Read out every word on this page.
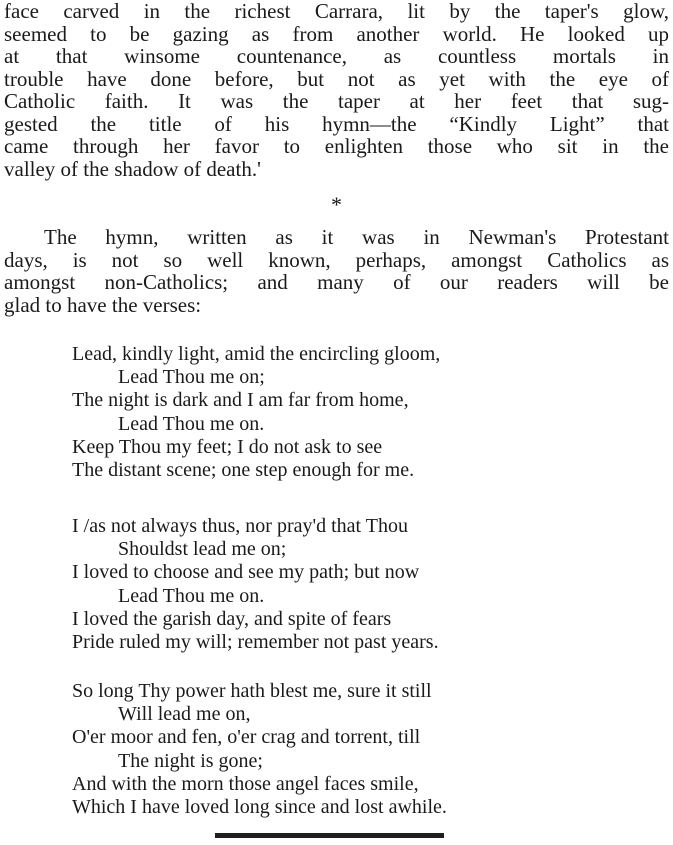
face carved in the richest Carrara, lit by the taper's glow,
seemed to be gazing as from another world. He looked up
at that winsome countenance, as countless mortals in
trouble have done before, but not as yet with the eye of
Catholic faith. It was the taper at her feet that sug-
gested the title of his hymn—the “Kindly Light” that
came through her favor to enlighten those who sit in the
valley of the shadow of death.'
*
The hymn, written as it was in Newman's Protestant
days, is not so well known, perhaps, amongst Catholics as
amongst non-Catholics; and many of our readers will be
glad to have the verses:
Lead, kindly light, amid the encircling gloom,
Lead Thou me on;
The night is dark and I am far from home,
Lead Thou me on.
Keep Thou my feet; I do not ask to see
The distant scene; one step enough for me.
I /as not always thus, nor pray'd that Thou
Shouldst lead me on;
I loved to choose and see my path; but now
Lead Thou me on.
I loved the garish day, and spite of fears
Pride ruled my will; remember not past years.
So long Thy power hath blest me, sure it still
Will lead me on,
O'er moor and fen, o'er crag and torrent, till
The night is gone;
And with the morn those angel faces smile,
Which I have loved long since and lost awhile.
